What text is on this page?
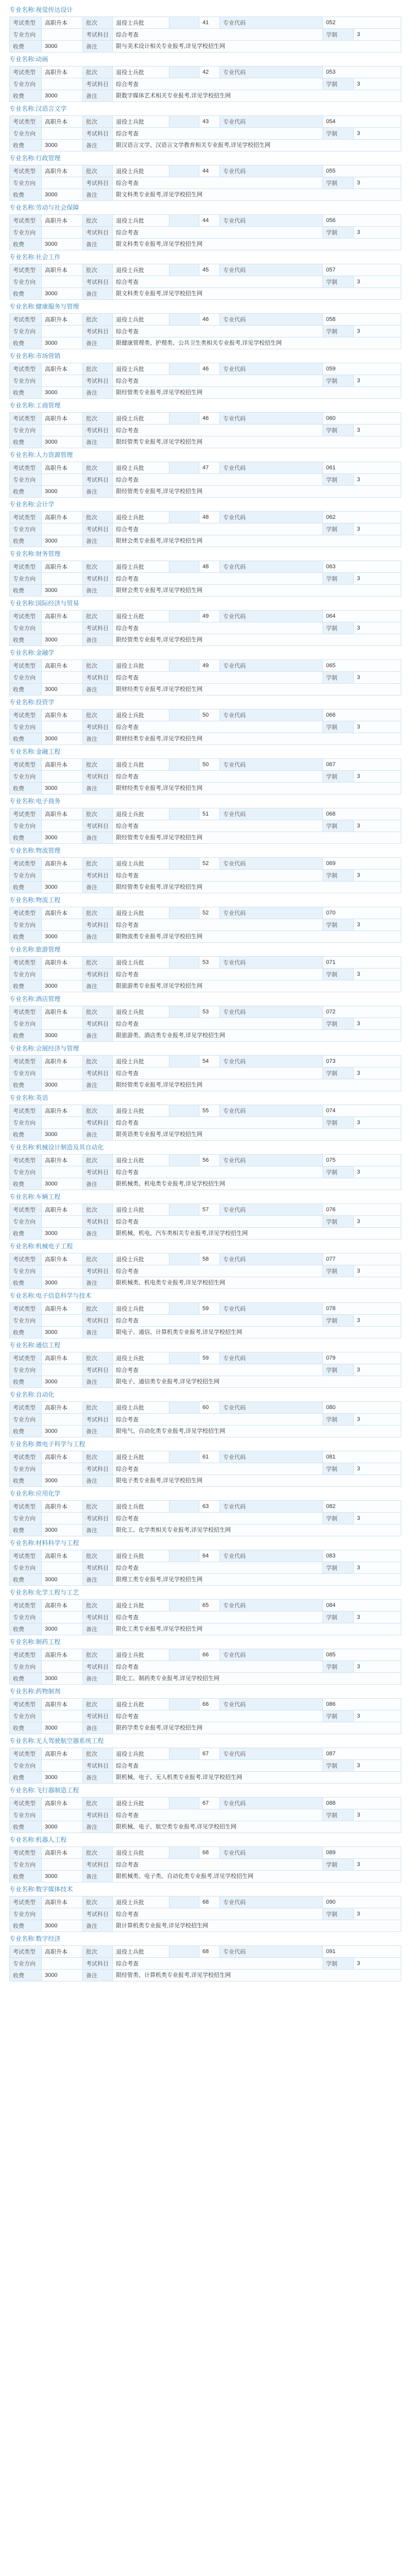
专业名称:视觉传达设计
考试类型	高职升本	批次	退役士兵批		41	专业代码	052	
专业方向		考试科目	综合考查				学制	3
收费	3000	备注	限与美术设计相关专业报考,详见学校招生网					
专业名称:动画
考试类型	高职升本	批次	退役士兵批		42	专业代码	053	
专业方向		考试科目	综合考查				学制	3
收费	3000	备注	限数字媒体艺术相关专业报考,详见学校招生网					
专业名称:汉语言文学
考试类型	高职升本	批次	退役士兵批		43	专业代码	054	
专业方向		考试科目	综合考查				学制	3
收费	3000	备注	限汉语言文学、汉语言文学教育相关专业报考,详见学校招生网					
专业名称:行政管理
考试类型	高职升本	批次	退役士兵批		44	专业代码	055	
专业方向		考试科目	综合考查				学制	3
收费	3000	备注	限文科类专业报考,详见学校招生网					
专业名称:劳动与社会保障
考试类型	高职升本	批次	退役士兵批		44	专业代码	056	
专业方向		考试科目	综合考查				学制	3
收费	3000	备注	限文科类专业报考,详见学校招生网					
专业名称:社会工作
考试类型	高职升本	批次	退役士兵批		45	专业代码	057	
专业方向		考试科目	综合考查				学制	3
收费	3000	备注	限文科类专业报考,详见学校招生网					
专业名称:健康服务与管理
考试类型	高职升本	批次	退役士兵批		46	专业代码	058	
专业方向		考试科目	综合考查				学制	3
收费	3000	备注	限健康管理类、护理类、公共卫生类相关专业报考,详见学校招生网					
专业名称:市场营销
考试类型	高职升本	批次	退役士兵批		46	专业代码	059	
专业方向		考试科目	综合考查				学制	3
收费	3000	备注	限经管类专业报考,详见学校招生网					
专业名称:工商管理
考试类型	高职升本	批次	退役士兵批		46	专业代码	060	
专业方向		考试科目	综合考查				学制	3
收费	3000	备注	限经管类专业报考,详见学校招生网					
专业名称:人力资源管理
考试类型	高职升本	批次	退役士兵批		47	专业代码	061	
专业方向		考试科目	综合考查				学制	3
收费	3000	备注	限经管类专业报考,详见学校招生网					
专业名称:会计学
考试类型	高职升本	批次	退役士兵批		48	专业代码	062	
专业方向		考试科目	综合考查				学制	3
收费	3000	备注	限财会类专业报考,详见学校招生网					
专业名称:财务管理
考试类型	高职升本	批次	退役士兵批		48	专业代码	063	
专业方向		考试科目	综合考查				学制	3
收费	3000	备注	限财会类专业报考,详见学校招生网					
专业名称:国际经济与贸易
考试类型	高职升本	批次	退役士兵批		49	专业代码	064	
专业方向		考试科目	综合考查				学制	3
收费	3000	备注	限经管类专业报考,详见学校招生网					
专业名称:金融学
考试类型	高职升本	批次	退役士兵批		49	专业代码	065	
专业方向		考试科目	综合考查				学制	3
收费	3000	备注	限财经类专业报考,详见学校招生网					
专业名称:投资学
考试类型	高职升本	批次	退役士兵批		50	专业代码	066	
专业方向		考试科目	综合考查				学制	3
收费	3000	备注	限财经类专业报考,详见学校招生网					
专业名称:金融工程
考试类型	高职升本	批次	退役士兵批		50	专业代码	067	
专业方向		考试科目	综合考查				学制	3
收费	3000	备注	限财经类专业报考,详见学校招生网					
专业名称:电子商务
考试类型	高职升本	批次	退役士兵批		51	专业代码	068	
专业方向		考试科目	综合考查				学制	3
收费	3000	备注	限经管类专业报考,详见学校招生网					
专业名称:物流管理
考试类型	高职升本	批次	退役士兵批		52	专业代码	069	
专业方向		考试科目	综合考查				学制	3
收费	3000	备注	限经管类专业报考,详见学校招生网					
专业名称:物流工程
考试类型	高职升本	批次	退役士兵批		52	专业代码	070	
专业方向		考试科目	综合考查				学制	3
收费	3000	备注	限物流类专业报考,详见学校招生网					
专业名称:旅游管理
考试类型	高职升本	批次	退役士兵批		53	专业代码	071	
专业方向		考试科目	综合考查				学制	3
收费	3000	备注	限旅游类专业报考,详见学校招生网					
专业名称:酒店管理
考试类型	高职升本	批次	退役士兵批		53	专业代码	072	
专业方向		考试科目	综合考查				学制	3
收费	3000	备注	限旅游类、酒店类专业报考,详见学校招生网					
专业名称:会展经济与管理
考试类型	高职升本	批次	退役士兵批		54	专业代码	073	
专业方向		考试科目	综合考查				学制	3
收费	3000	备注	限经管类专业报考,详见学校招生网					
专业名称:英语
考试类型	高职升本	批次	退役士兵批		55	专业代码	074	
专业方向		考试科目	综合考查				学制	3
收费	3000	备注	限英语类专业报考,详见学校招生网					
专业名称:机械设计制造及其自动化
考试类型	高职升本	批次	退役士兵批		56	专业代码	075	
专业方向		考试科目	综合考查				学制	3
收费	3000	备注	限机械类、机电类专业报考,详见学校招生网					
专业名称:车辆工程
考试类型	高职升本	批次	退役士兵批		57	专业代码	076	
专业方向		考试科目	综合考查				学制	3
收费	3000	备注	限机械、机电、汽车类相关专业报考,详见学校招生网					
专业名称:机械电子工程
考试类型	高职升本	批次	退役士兵批		58	专业代码	077	
专业方向		考试科目	综合考查				学制	3
收费	3000	备注	限机械类、机电类专业报考,详见学校招生网					
专业名称:电子信息科学与技术
考试类型	高职升本	批次	退役士兵批		59	专业代码	078	
专业方向		考试科目	综合考查				学制	3
收费	3000	备注	限电子、通信、计算机类专业报考,详见学校招生网					
专业名称:通信工程
考试类型	高职升本	批次	退役士兵批		59	专业代码	079	
专业方向		考试科目	综合考查				学制	3
收费	3000	备注	限电子、通信类专业报考,详见学校招生网					
专业名称:自动化
考试类型	高职升本	批次	退役士兵批		60	专业代码	080	
专业方向		考试科目	综合考查				学制	3
收费	3000	备注	限电气、自动化类专业报考,详见学校招生网					
专业名称:微电子科学与工程
考试类型	高职升本	批次	退役士兵批		61	专业代码	081	
专业方向		考试科目	综合考查				学制	3
收费	3000	备注	限电子类专业报考,详见学校招生网					
专业名称:应用化学
考试类型	高职升本	批次	退役士兵批		63	专业代码	082	
专业方向		考试科目	综合考查				学制	3
收费	3000	备注	限化工、化学类相关专业报考,详见学校招生网					
专业名称:材料科学与工程
考试类型	高职升本	批次	退役士兵批		64	专业代码	083	
专业方向		考试科目	综合考查				学制	3
收费	3000	备注	限理工类专业报考,详见学校招生网					
专业名称:化学工程与工艺
考试类型	高职升本	批次	退役士兵批		65	专业代码	084	
专业方向		考试科目	综合考查				学制	3
收费	3000	备注	限化工类专业报考,详见学校招生网					
专业名称:制药工程
考试类型	高职升本	批次	退役士兵批		66	专业代码	085	
专业方向		考试科目	综合考查				学制	3
收费	3000	备注	限化工、制药类专业报考,详见学校招生网					
专业名称:药物制剂
考试类型	高职升本	批次	退役士兵批		66	专业代码	086	
专业方向		考试科目	综合考查				学制	3
收费	3000	备注	限药学类专业报考,详见学校招生网					
专业名称:无人驾驶航空器系统工程
考试类型	高职升本	批次	退役士兵批		67	专业代码	087	
专业方向		考试科目	综合考查				学制	3
收费	3000	备注	限机械、电子、无人机类专业报考,详见学校招生网					
专业名称:飞行器制造工程
考试类型	高职升本	批次	退役士兵批		67	专业代码	088	
专业方向		考试科目	综合考查				学制	3
收费	3000	备注	限机械、电子、航空类专业报考,详见学校招生网					
专业名称:机器人工程
考试类型	高职升本	批次	退役士兵批		68	专业代码	089	
专业方向		考试科目	综合考查				学制	3
收费	3000	备注	限机械类、电子类、自动化类专业报考,详见学校招生网					
专业名称:数字媒体技术
考试类型	高职升本	批次	退役士兵批		68	专业代码	090	
专业方向		考试科目	综合考查				学制	3
收费	3000	备注	限计算机类专业报考,详见学校招生网					
专业名称:数字经济
考试类型	高职升本	批次	退役士兵批		68	专业代码	091	
专业方向		考试科目	综合考查				学制	3
收费	3000	备注	限经管类、计算机类专业报考,详见学校招生网					
